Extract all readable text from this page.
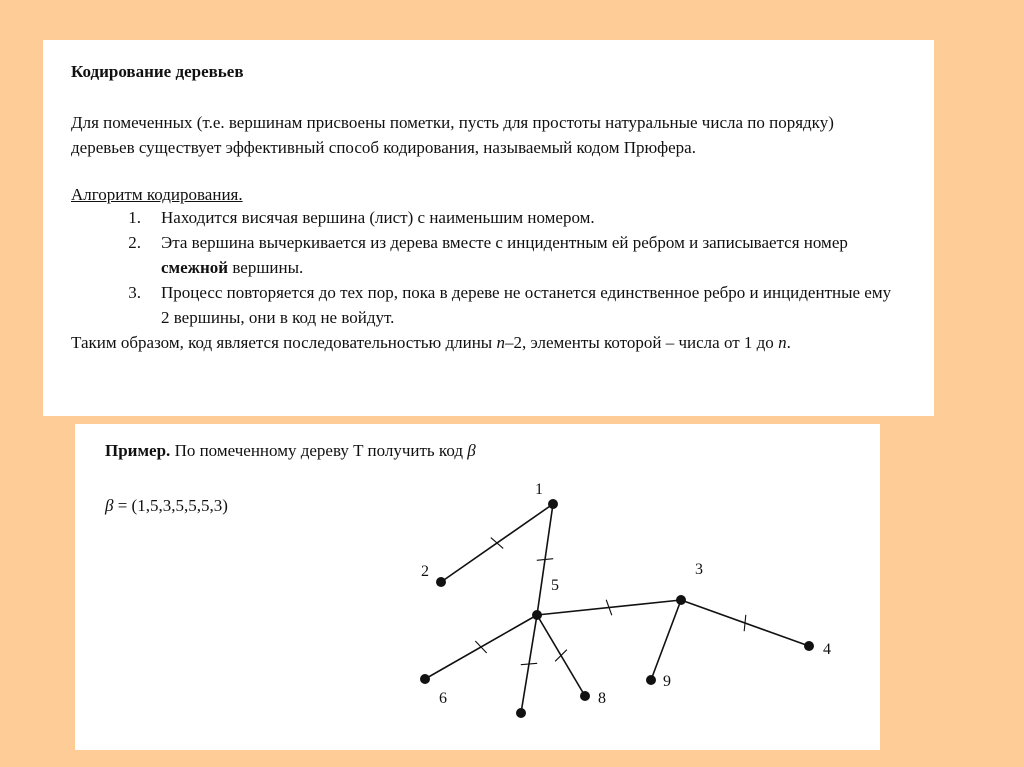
Кодирование деревьев
Для помеченных (т.е. вершинам присвоены пометки, пусть для простоты натуральные числа по порядку) деревьев существует эффективный способ кодирования, называемый кодом Прюфера.
Алгоритм кодирования.
1.	Находится висячая вершина (лист) с наименьшим номером.
2.	Эта вершина вычеркивается из дерева вместе с инцидентным ей ребром и записывается номер смежной вершины.
3.	Процесс повторяется до тех пор, пока в дереве не останется единственное ребро и инцидентные ему 2 вершины, они в код не войдут.
Таким образом, код является последовательностью длины n–2, элементы которой – числа от 1 до n.
Пример. По помеченному дереву T получить код β
β = (1,5,3,5,5,5,3)
1
2
5
3
4
6	8
9
